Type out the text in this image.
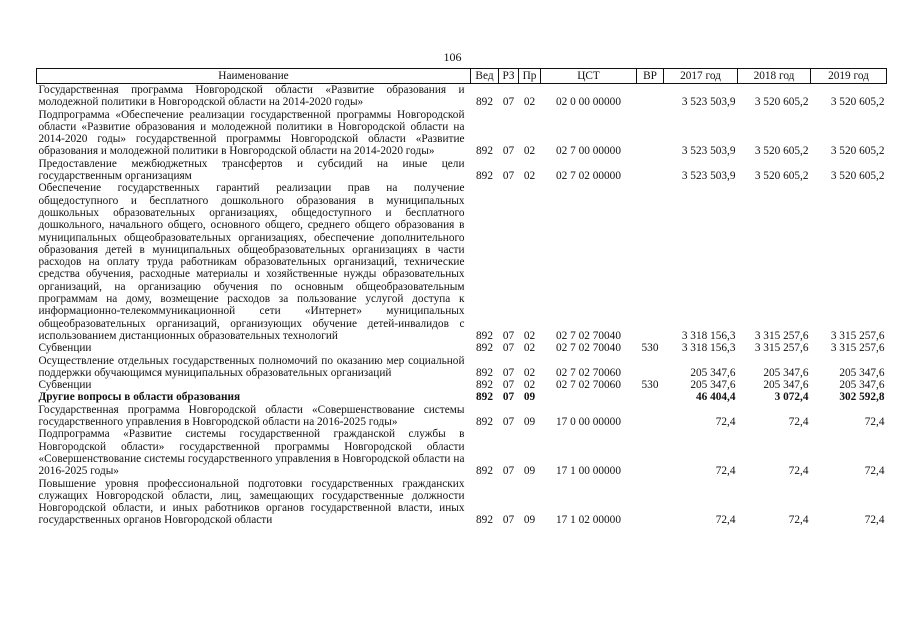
106
Наименование	Вед	РЗ	Пр	ЦСТ	ВР	2017 год	2018 год	2019 год
Государственная программа Новгородской области «Развитие образования и молодежной политики в Новгородской области на 2014-2020 годы»	892	07	02	02 0 00 00000		3 523 503,9	3 520 605,2	3 520 605,2
Подпрограмма «Обеспечение реализации государственной программы Новгородской области «Развитие образования и молодежной политики в Новгородской области на 2014-2020 годы» государственной программы Новгородской области «Развитие образования и молодежной политики в Новгородской области на 2014-2020 годы»	892	07	02	02 7 00 00000		3 523 503,9	3 520 605,2	3 520 605,2
Предоставление межбюджетных трансфертов и субсидий на иные цели государственным организациям	892	07	02	02 7 02 00000		3 523 503,9	3 520 605,2	3 520 605,2
Обеспечение государственных гарантий реализации прав на получение общедоступного и бесплатного дошкольного образования в муниципальных дошкольных образовательных организациях, общедоступного и бесплатного дошкольного, начального общего, основного общего, среднего общего образования в муниципальных общеобразовательных организациях, обеспечение дополнительного образования детей в муниципальных общеобразовательных организациях в части расходов на оплату труда работникам образовательных организаций, технические средства обучения, расходные материалы и хозяйственные нужды образовательных организаций, на организацию обучения по основным общеобразовательным программам на дому, возмещение расходов за пользование услугой доступа к информационно-телекоммуникационной сети «Интернет» муниципальных общеобразовательных организаций, организующих обучение детей-инвалидов с использованием дистанционных образовательных технологий	892	07	02	02 7 02 70040		3 318 156,3	3 315 257,6	3 315 257,6
Субвенции	892	07	02	02 7 02 70040	530	3 318 156,3	3 315 257,6	3 315 257,6
Осуществление отдельных государственных полномочий по оказанию мер социальной поддержки обучающимся муниципальных образовательных организаций	892	07	02	02 7 02 70060		205 347,6	205 347,6	205 347,6
Субвенции	892	07	02	02 7 02 70060	530	205 347,6	205 347,6	205 347,6
Другие вопросы в области образования	892	07	09			46 404,4	3 072,4	302 592,8
Государственная программа Новгородской области «Совершенствование системы государственного управления в Новгородской области на 2016-2025 годы»	892	07	09	17 0 00 00000		72,4	72,4	72,4
Подпрограмма «Развитие системы государственной гражданской службы в Новгородской области» государственной программы Новгородской области «Совершенствование системы государственного управления в Новгородской области на 2016-2025 годы»	892	07	09	17 1 00 00000		72,4	72,4	72,4
Повышение уровня профессиональной подготовки государственных гражданских служащих Новгородской области, лиц, замещающих государственные должности Новгородской области, и иных работников органов государственной власти, иных государственных органов Новгородской области	892	07	09	17 1 02 00000		72,4	72,4	72,4
